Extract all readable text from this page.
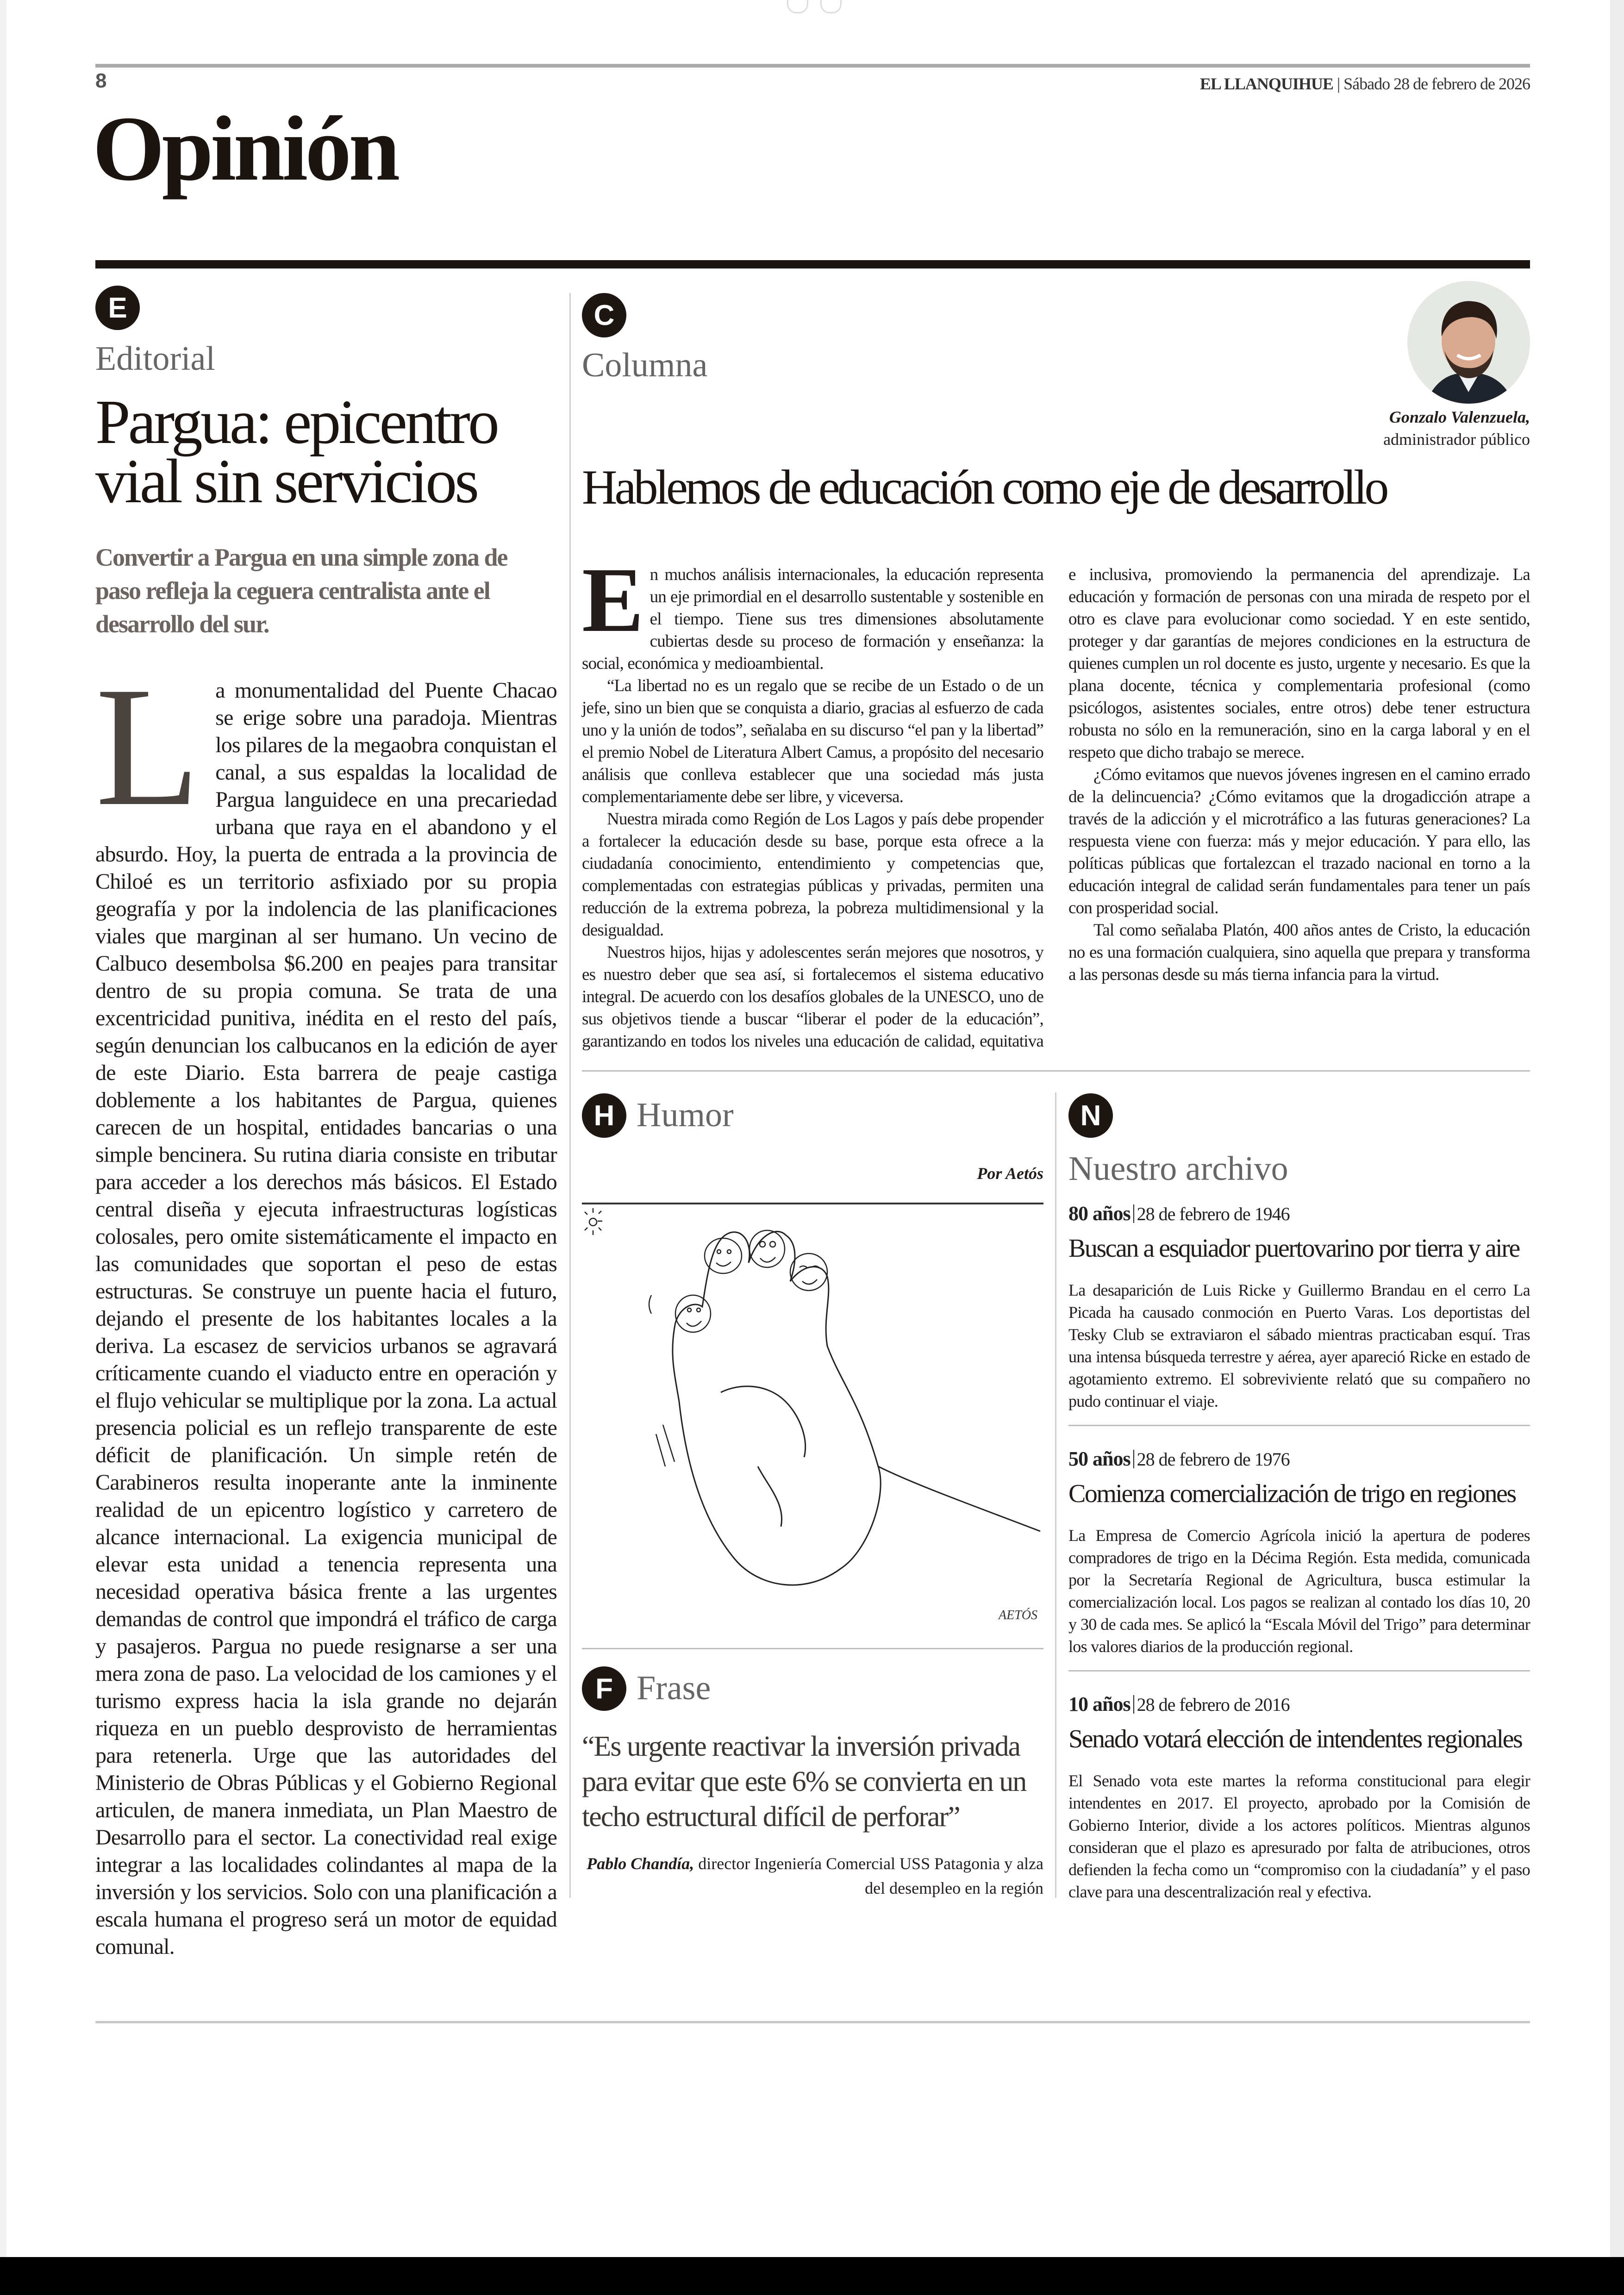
8	EL LLANQUIHUE | Sábado 28 de febrero de 2026
Opinión
E
Editorial
Pargua: epicentro
vial sin servicios
Convertir a Pargua en una simple zona de paso refleja la ceguera centralista ante el desarrollo del sur.
La monumentalidad del Puente Chacao se erige sobre una paradoja. Mientras los pilares de la megaobra conquistan el canal, a sus espaldas la localidad de Pargua languidece en una precariedad urbana que raya en el abandono y el absurdo. Hoy, la puerta de entrada a la provincia de Chiloé es un territorio asfixiado por su propia geografía y por la indolencia de las planificaciones viales que marginan al ser humano. Un vecino de Calbuco desembolsa $6.200 en peajes para transitar dentro de su propia comuna. Se trata de una excentricidad punitiva, inédita en el resto del país, según denuncian los calbucanos en la edición de ayer de este Diario. Esta barrera de peaje castiga doblemente a los habitantes de Pargua, quienes carecen de un hospital, entidades bancarias o una simple bencinera. Su rutina diaria consiste en tributar para acceder a los derechos más básicos. El Estado central diseña y ejecuta infraestructuras logísticas colosales, pero omite sistemáticamente el impacto en las comunidades que soportan el peso de estas estructuras. Se construye un puente hacia el futuro, dejando el presente de los habitantes locales a la deriva. La escasez de servicios urbanos se agravará críticamente cuando el viaducto entre en operación y el flujo vehicular se multiplique por la zona. La actual presencia policial es un reflejo transparente de este déficit de planificación. Un simple retén de Carabineros resulta inoperante ante la inminente realidad de un epicentro logístico y carretero de alcance internacional. La exigencia municipal de elevar esta unidad a tenencia representa una necesidad operativa básica frente a las urgentes demandas de control que impondrá el tráfico de carga y pasajeros. Pargua no puede resignarse a ser una mera zona de paso. La velocidad de los camiones y el turismo express hacia la isla grande no dejarán riqueza en un pueblo desprovisto de herramientas para retenerla. Urge que las autoridades del Ministerio de Obras Públicas y el Gobierno Regional articulen, de manera inmediata, un Plan Maestro de Desarrollo para el sector. La conectividad real exige integrar a las localidades colindantes al mapa de la inversión y los servicios. Solo con una planificación a escala humana el progreso será un motor de equidad comunal.
C
Columna
Gonzalo Valenzuela,
administrador público
Hablemos de educación como eje de desarrollo

En muchos análisis internacionales, la educación representa un eje primordial en el desarrollo sustentable y sostenible en el tiempo. Tiene sus tres dimensiones absolutamente cubiertas desde su proceso de formación y enseñanza: la social, económica y medioambiental.

“La libertad no es un regalo que se recibe de un Estado o de un jefe, sino un bien que se conquista a diario, gracias al esfuerzo de cada uno y la unión de todos”, señalaba en su discurso “el pan y la libertad” el premio Nobel de Literatura Albert Camus, a propósito del necesario análisis que conlleva establecer que una sociedad más justa complementariamente debe ser libre, y viceversa.

Nuestra mirada como Región de Los Lagos y país debe propender a fortalecer la educación desde su base, porque esta ofrece a la ciudadanía conocimiento, entendimiento y competencias que, complementadas con estrategias públicas y privadas, permiten una reducción de la extrema pobreza, la pobreza multidimensional y la desigualdad.

Nuestros hijos, hijas y adolescentes serán mejores que nosotros, y es nuestro deber que sea así, si fortalecemos el sistema educativo integral. De acuerdo con los desafíos globales de la UNESCO, uno de sus objetivos tiende a buscar “liberar el poder de la educación”, garantizando en todos los niveles una educación de calidad, equitativa e inclusiva, promoviendo la permanencia del aprendizaje. La educación y formación de personas con una mirada de respeto por el otro es clave para evolucionar como sociedad. Y en este sentido, proteger y dar garantías de mejores condiciones en la estructura de quienes cumplen un rol docente es justo, urgente y necesario. Es que la plana docente, técnica y complementaria profesional (como psicólogos, asistentes sociales, entre otros) debe tener estructura robusta no sólo en la remuneración, sino en la carga laboral y en el respeto que dicho trabajo se merece.

¿Cómo evitamos que nuevos jóvenes ingresen en el camino errado de la delincuencia? ¿Cómo evitamos que la drogadicción atrape a través de la adicción y el microtráfico a las futuras generaciones? La respuesta viene con fuerza: más y mejor educación. Y para ello, las políticas públicas que fortalezcan el trazado nacional en torno a la educación integral de calidad serán fundamentales para tener un país con prosperidad social.

Tal como señalaba Platón, 400 años antes de Cristo, la educación no es una formación cualquiera, sino aquella que prepara y transforma a las personas desde su más tierna infancia para la virtud.

H Humor
Por Aetós
AETÓS
F Frase
“Es urgente reactivar la inversión privada para evitar que este 6% se convierta en un techo estructural difícil de perforar”
Pablo Chandía, director Ingeniería Comercial USS Patagonia y alza del desempleo en la región
N
Nuestro archivo
80 años 28 de febrero de 1946
Buscan a esquiador puertovarino por tierra y aire

La desaparición de Luis Ricke y Guillermo Brandau en el cerro La Picada ha causado conmoción en Puerto Varas. Los deportistas del Tesky Club se extraviaron el sábado mientras practicaban esquí. Tras una intensa búsqueda terrestre y aérea, ayer apareció Ricke en estado de agotamiento extremo. El sobreviviente relató que su compañero no pudo continuar el viaje.

50 años 28 de febrero de 1976
Comienza comercialización de trigo en regiones

La Empresa de Comercio Agrícola inició la apertura de poderes compradores de trigo en la Décima Región. Esta medida, comunicada por la Secretaría Regional de Agricultura, busca estimular la comercialización local. Los pagos se realizan al contado los días 10, 20 y 30 de cada mes. Se aplicó la “Escala Móvil del Trigo” para determinar los valores diarios de la producción regional.

10 años 28 de febrero de 2016
Senado votará elección de intendentes regionales

El Senado vota este martes la reforma constitucional para elegir intendentes en 2017. El proyecto, aprobado por la Comisión de Gobierno Interior, divide a los actores políticos. Mientras algunos consideran que el plazo es apresurado por falta de atribuciones, otros defienden la fecha como un “compromiso con la ciudadanía” y el paso clave para una descentralización real y efectiva.
